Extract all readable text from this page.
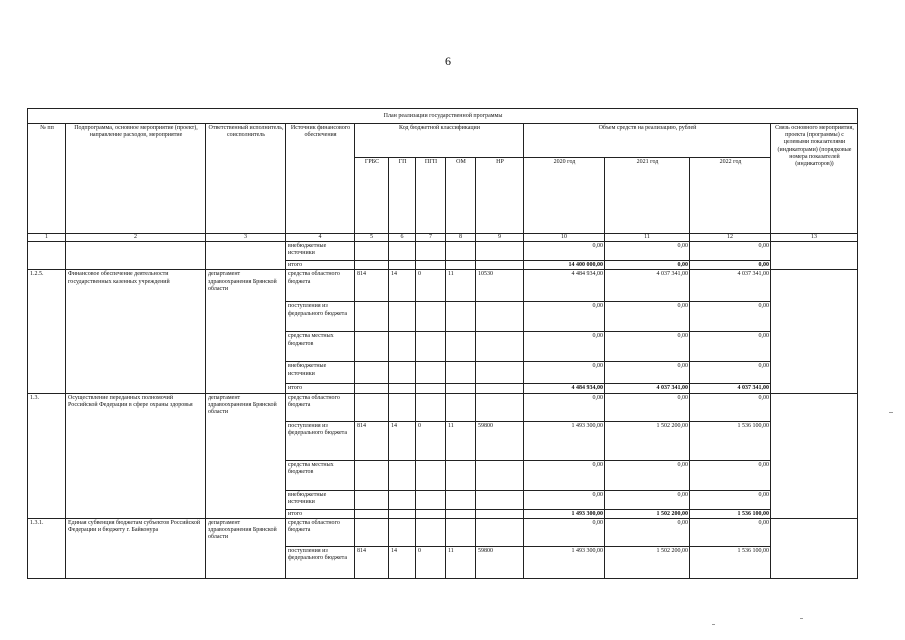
6
План реализации государственной программы												
№ пп	Подпрограмма, основное мероприятие (проект), направление расходов, мероприятие	Ответственный исполнитель, соисполнитель	Источник финансового обеспечения	Код бюджетной классификации					Объем средств на реализацию, рублей			Связь основного мероприятия, проекта (программы) с целевыми показателями (индикаторами) (порядковые номера показателей (индикаторов))
				ГРБС	ГП	ПГП	ОМ	НР	2020 год	2021 год	2022 год	
1	2	3	4	5	6	7	8	9	10	11	12	13
			внебюджетные источники						0,00	0,00	0,00	
			итого						14 400 000,00	0,00	0,00	
1.2.5.	Финансовое обеспечение деятельности государственных казенных учреждений	департамент здравоохранения Брянской области	средства областного бюджета	814	14	0	11	10530	4 484 934,00	4 037 341,00	4 037 341,00	
			поступления из федерального бюджета						0,00	0,00	0,00	
			средства местных бюджетов						0,00	0,00	0,00	
			внебюджетные источники						0,00	0,00	0,00	
			итого						4 484 934,00	4 037 341,00	4 037 341,00	
1.3.	Осуществление переданных полномочий Российской Федерации в сфере охраны здоровья	департамент здравоохранения Брянской области	средства областного бюджета						0,00	0,00	0,00	
			поступления из федерального бюджета	814	14	0	11	59800	1 493 300,00	1 502 200,00	1 536 100,00	
			средства местных бюджетов						0,00	0,00	0,00	
			внебюджетные источники						0,00	0,00	0,00	
			итого						1 493 300,00	1 502 200,00	1 536 100,00	
1.3.1.	Единая субвенция бюджетам субъектов Российской Федерации и бюджету г. Байконура	департамент здравоохранения Брянской области	средства областного бюджета						0,00	0,00	0,00	
			поступления из федерального бюджета	814	14	0	11	59800	1 493 300,00	1 502 200,00	1 536 100,00	
